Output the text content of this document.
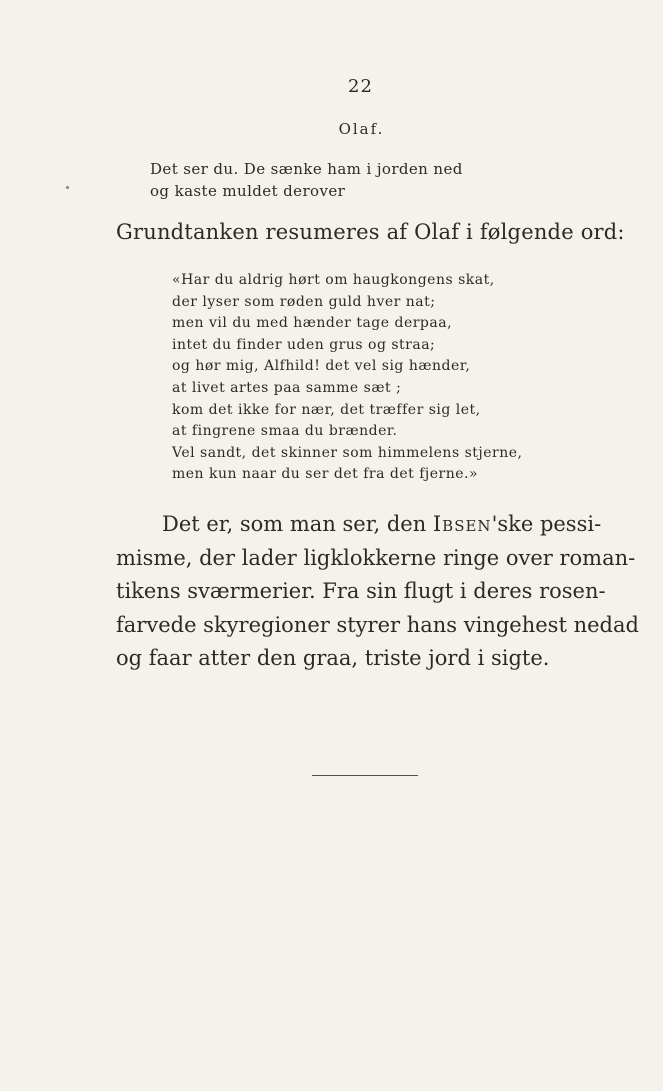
22
Olaf.
Det ser du. De sænke ham i jorden ned
og kaste muldet derover
Grundtanken resumeres af Olaf i følgende ord:
«Har du aldrig hørt om haugkongens skat,
der lyser som røden guld hver nat;
men vil du med hænder tage derpaa,
intet du finder uden grus og straa;
og hør mig, Alfhild! det vel sig hænder,
at livet artes paa samme sæt ;
kom det ikke for nær, det træffer sig let,
at fingrene smaa du brænder.
Vel sandt, det skinner som himmelens stjerne,
men kun naar du ser det fra det fjerne.»
Det er, som man ser, den Ibsen'ske pessi-
misme, der lader ligklokkerne ringe over roman-
tikens sværmerier. Fra sin flugt i deres rosen-
farvede skyregioner styrer hans vingehest nedad
og faar atter den graa, triste jord i sigte.
